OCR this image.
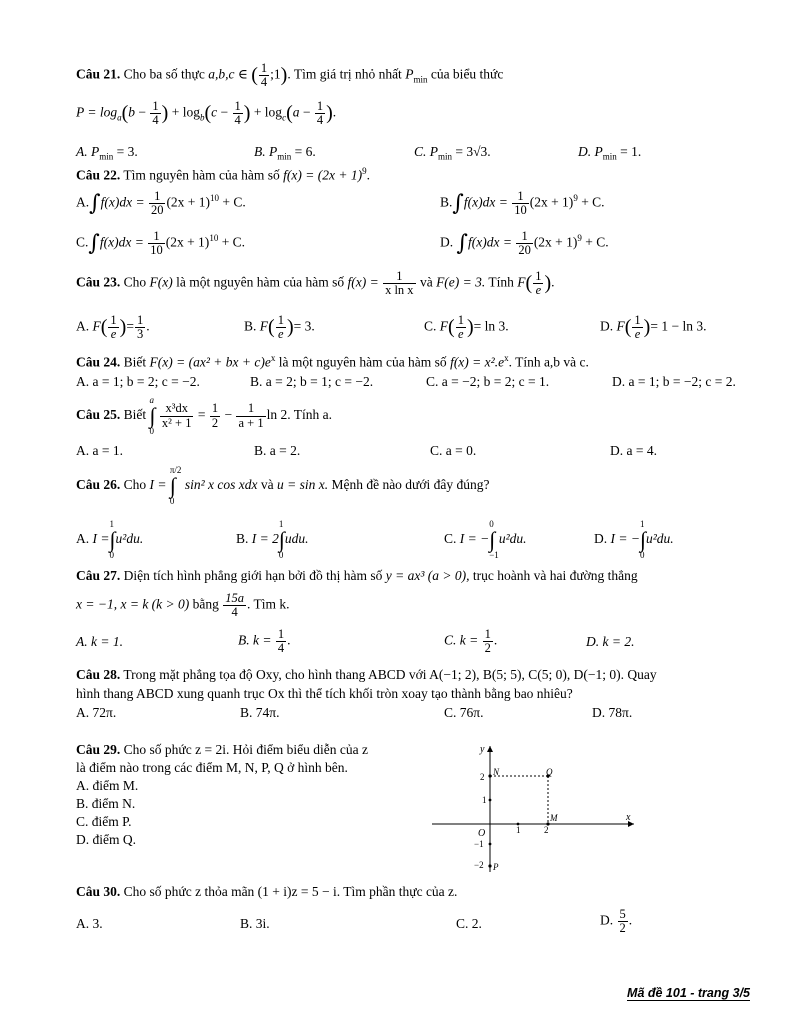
Câu 21. Cho ba số thực a,b,c ∈ ( $\frac{1}{4}$ ;1). Tìm giá trị nhỏ nhất $P_{min}$ của biểu thức
$P = \log_a(b - \frac{1}{4}$ ) + $\log_b(c - \frac{1}{4}$ ) + $\log_c(a - \frac{1}{4}$ ).
A. $P_{min} = 3$.	B. $P_{min} = 6$.	C. $P_{min} = 3√3$.	D. $P_{min} = 1$.
Câu 22. Tìm nguyên hàm của hàm số $f(x) = (2x + 1)^9$.
$A.\int f(x)dx = \frac{1}{20} (2x + 1)^{10} + C$.	$B.\int f(x)dx = \frac{1}{10} (2x + 1)^9 + C$.
$C.\int f(x)dx = \frac{1}{10} (2x + 1)^{10} + C$.	D. $\int f(x)dx = \frac{1}{20} (2x + 1)^9 + C$.
Câu 23. Cho F(x) là một nguyên hàm của hàm số $f(x) = \frac{1}{\text{x ln x}}$ và F(e) = 3. Tính $F( \frac{1}{e}$ ).
A. $F( \frac{1}{e}$ )= $\frac{1}{3}$ .	B. $F( \frac{1}{e}$ )= 3.	C. $F( \frac{1}{e}$ )= ln 3.	D. $F( \frac{1}{e}$ )= 1 − ln 3.
Câu 24. Biết F(x) = (ax² + bx + $c)e^x$ là một nguyên hàm của hàm số $f(x) = x^2.e^x$. Tính a,b và c.
A. a = 1; b = 2; c = −2.	B. a = 2; b = 1; c = −2.	C. a = −2; b = 2; c = 1.	D. a = 1; b = −2; c = 2.
Câu 25. Biết a
∫
0
$\frac{\text{x³dx}}{\text{x² + 1}} = \frac{1}{2} - \frac{1}{a + 1}$ ln 2. Tính a.
A. a = 1.	B. a = 2.	C. a = 0.	D. a = 4.
Câu 26. Cho I = π/2
∫
0 sin² x cos xdx và u = sin x. Mệnh đề nào dưới đây đúng?
A. I =1
∫
0u²du.	B. I = 21
∫
0udu.	C. I = −0
∫
−1u²du.	D. I = −1
∫
0u²du.
Câu 27. Diện tích hình phẳng giới hạn bởi đồ thị hàm số y = ax³ (a > 0), trục hoành và hai đường thẳng
x = −1, x = k (k > 0) bằng $\frac{15a}{4}$ . Tìm k.
A. k = 1.	B. $k = \frac{1}{4}$ .	C. $k = \frac{1}{2}$ .	D. k = 2.
Câu 28. Trong mặt phẳng tọa độ Oxy, cho hình thang ABCD với A(−1; 2), B(5; 5), C(5; 0), D(−1; 0). Quay
hình thang ABCD xung quanh trục Ox thì thể tích khối tròn xoay tạo thành bằng bao nhiêu?
A. 72π.	B. 74π.	C. 76π.	D. 78π.
Câu 29. Cho số phức z = 2i. Hỏi điểm biểu diễn của z
là điểm nào trong các điểm M, N, P, Q ở hình bên.
A. điểm M.
B. điểm N.
C. điểm P.
D. điểm Q.
y
x
O
2
1
−1
−2
1	2
N	Q
M
P
Câu 30. Cho số phức z thỏa mãn (1 + i)z = 5 − i. Tìm phần thực của z.
A. 3.	B. 3i.	C. 2.	D. $\frac{5}{2}$ .
Mã đề 101 - trang 3/5
